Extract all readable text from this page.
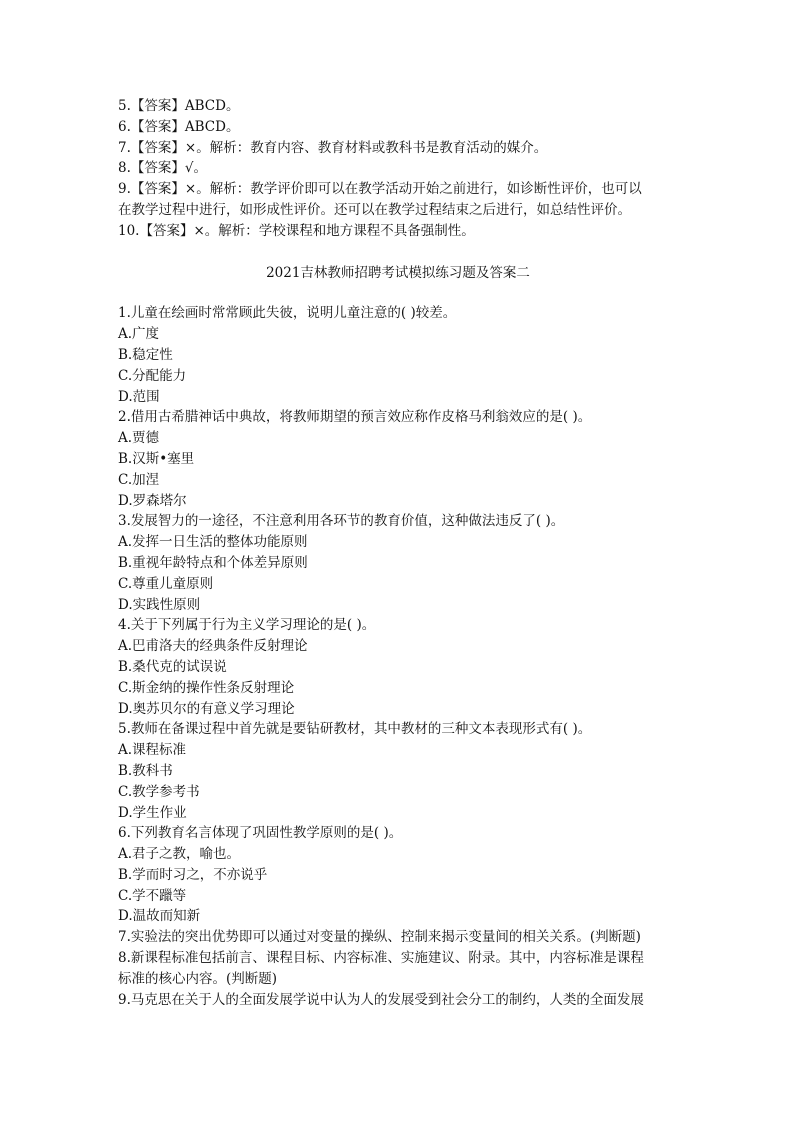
5.【答案】ABCD。
6.【答案】ABCD。
7.【答案】×。解析：教育内容、教育材料或教科书是教育活动的媒介。
8.【答案】√。
9.【答案】×。解析：教学评价即可以在教学活动开始之前进行，如诊断性评价，也可以
在教学过程中进行，如形成性评价。还可以在教学过程结束之后进行，如总结性评价。
10.【答案】×。解析：学校课程和地方课程不具备强制性。
2021吉林教师招聘考试模拟练习题及答案二
1.儿童在绘画时常常顾此失彼，说明儿童注意的( )较差。
A.广度
B.稳定性
C.分配能力
D.范围
2.借用古希腊神话中典故，将教师期望的预言效应称作皮格马利翁效应的是( )。
A.贾德
B.汉斯•塞里
C.加涅
D.罗森塔尔
3.发展智力的一途径，不注意利用各环节的教育价值，这种做法违反了( )。
A.发挥一日生活的整体功能原则
B.重视年龄特点和个体差异原则
C.尊重儿童原则
D.实践性原则
4.关于下列属于行为主义学习理论的是( )。
A.巴甫洛夫的经典条件反射理论
B.桑代克的试误说
C.斯金纳的操作性条反射理论
D.奥苏贝尔的有意义学习理论
5.教师在备课过程中首先就是要钻研教材，其中教材的三种文本表现形式有( )。
A.课程标准
B.教科书
C.教学参考书
D.学生作业
6.下列教育名言体现了巩固性教学原则的是( )。
A.君子之教，喻也。
B.学而时习之，不亦说乎
C.学不躐等
D.温故而知新
7.实验法的突出优势即可以通过对变量的操纵、控制来揭示变量间的相关关系。(判断题)
8.新课程标准包括前言、课程目标、内容标准、实施建议、附录。其中，内容标准是课程
标准的核心内容。(判断题)
9.马克思在关于人的全面发展学说中认为人的发展受到社会分工的制约，人类的全面发展
